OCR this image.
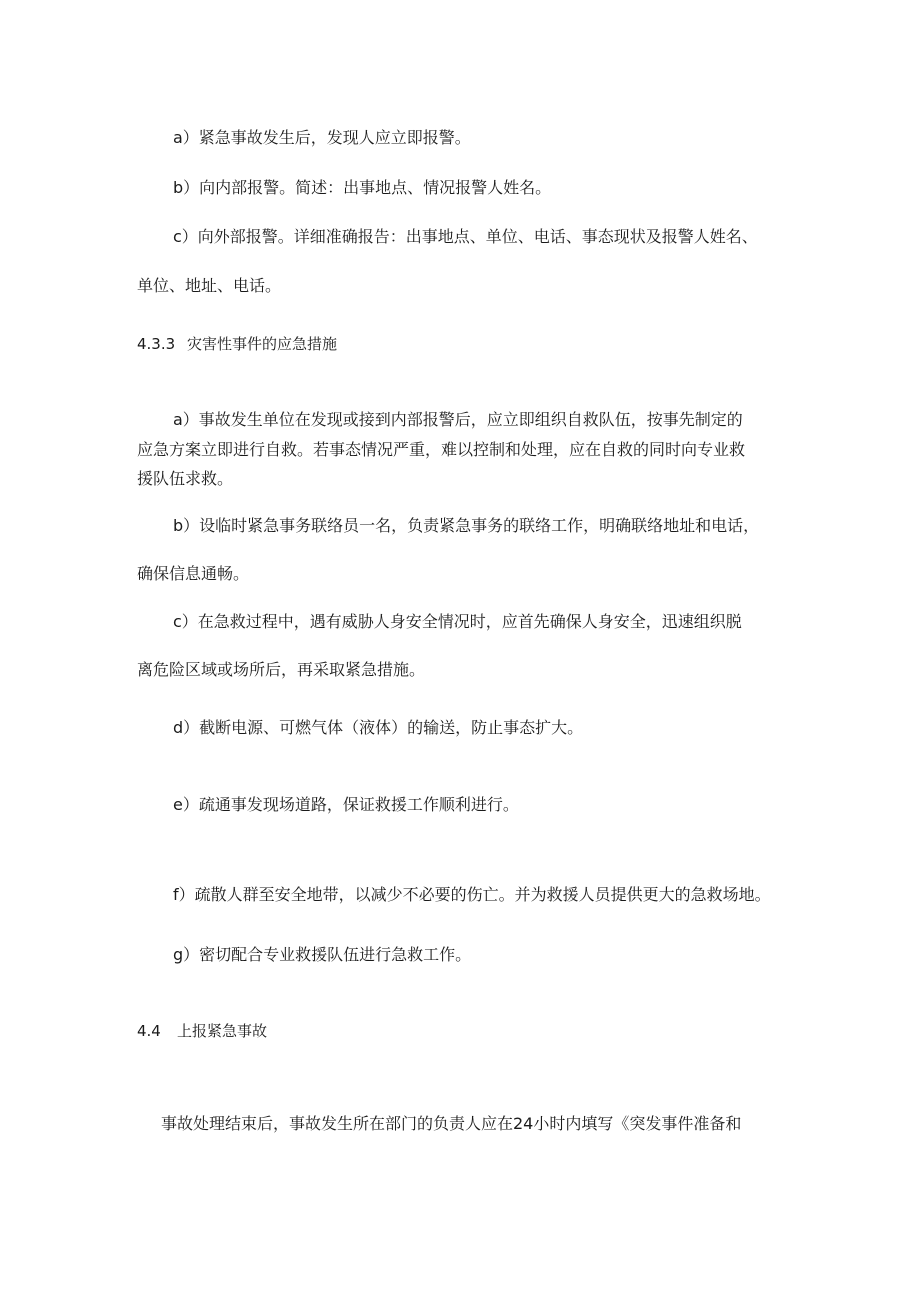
a）紧急事故发生后，发现人应立即报警。

b）向内部报警。简述：出事地点、情况报警人姓名。

c）向外部报警。详细准确报告：出事地点、单位、电话、事态现状及报警人姓名、

单位、地址、电话。

4.3.3 灾害性事件的应急措施

a）事故发生单位在发现或接到内部报警后，应立即组织自救队伍，按事先制定的

应急方案立即进行自救。若事态情况严重，难以控制和处理，应在自救的同时向专业救

援队伍求救。

b）设临时紧急事务联络员一名，负责紧急事务的联络工作，明确联络地址和电话，

确保信息通畅。

c）在急救过程中，遇有威胁人身安全情况时，应首先确保人身安全，迅速组织脱

离危险区域或场所后，再采取紧急措施。

d）截断电源、可燃气体（液体）的输送，防止事态扩大。

e）疏通事发现场道路，保证救援工作顺利进行。

f）疏散人群至安全地带，以减少不必要的伤亡。并为救援人员提供更大的急救场地。

g）密切配合专业救援队伍进行急救工作。

4.4 上报紧急事故

事故处理结束后，事故发生所在部门的负责人应在24小时内填写《突发事件准备和
